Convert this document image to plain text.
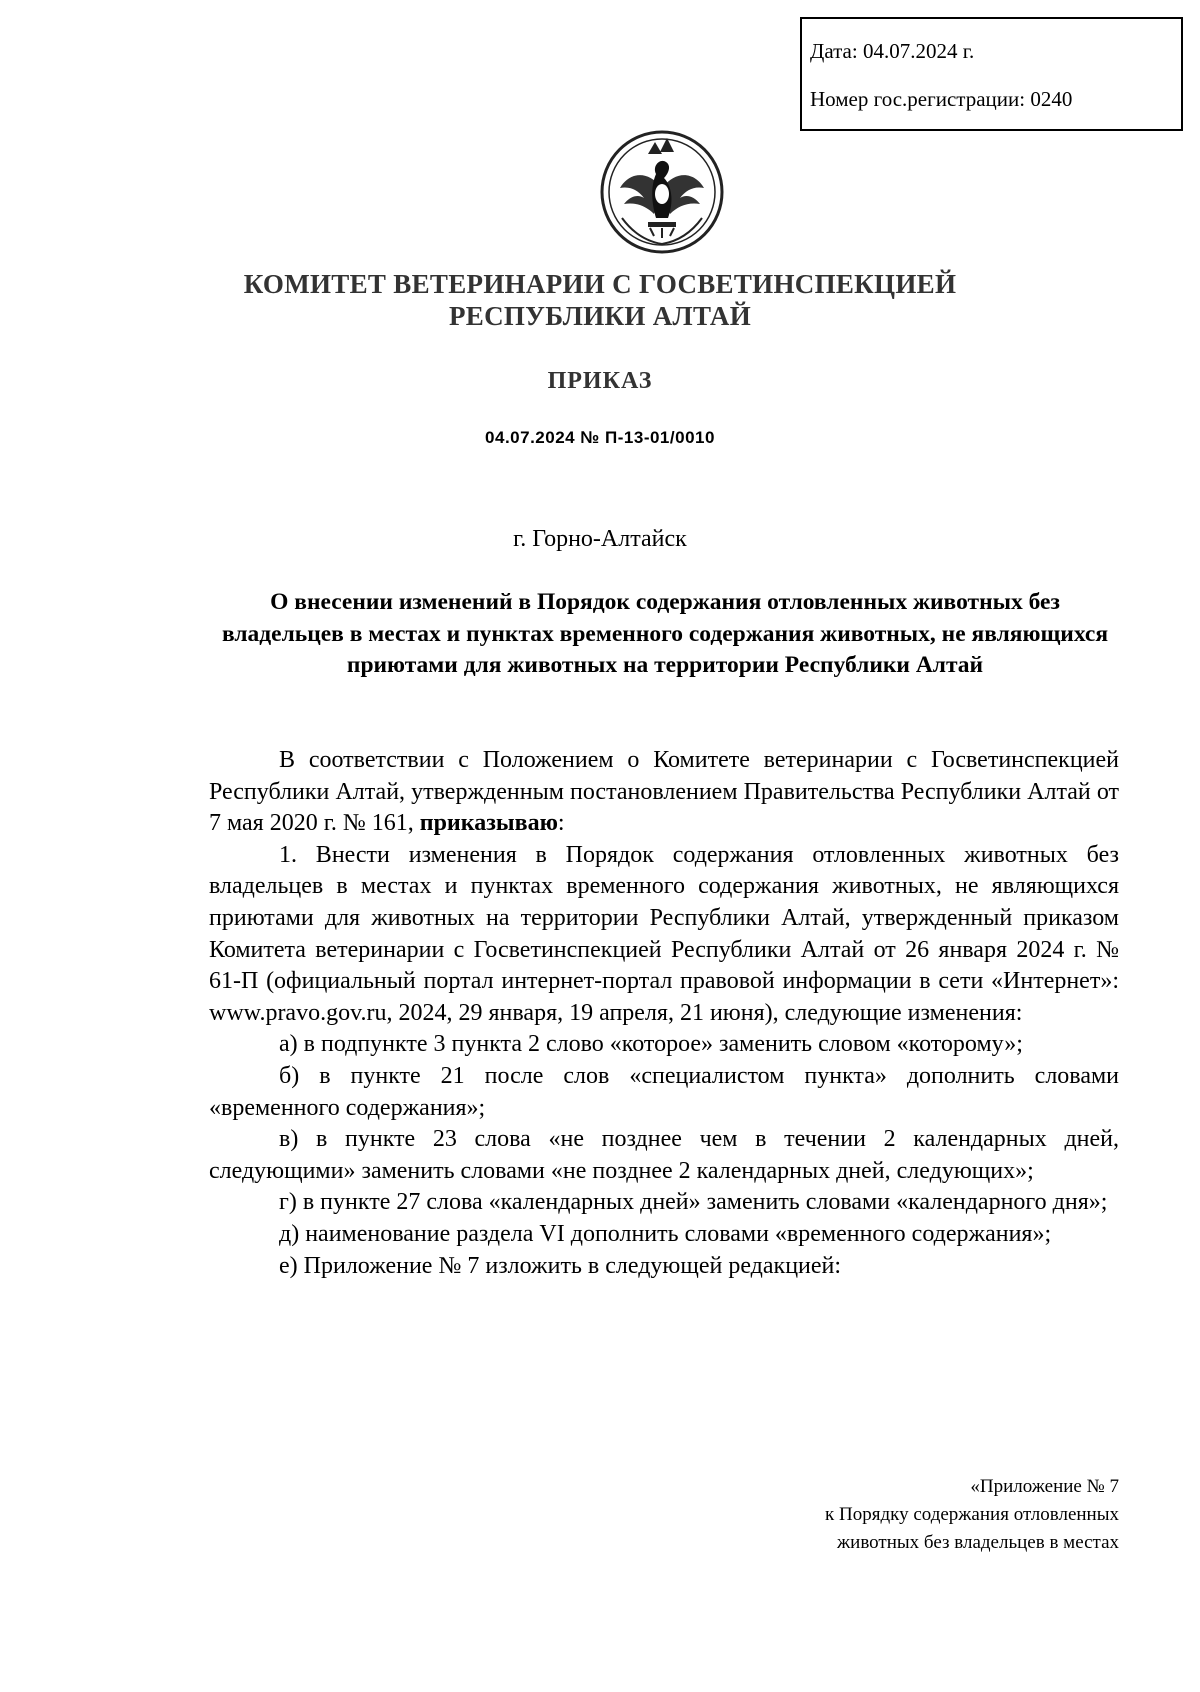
Дата: 04.07.2024 г.
Номер гос.регистрации: 0240
КОМИТЕТ ВЕТЕРИНАРИИ С ГОСВЕТИНСПЕКЦИЕЙ
РЕСПУБЛИКИ АЛТАЙ
ПРИКАЗ
04.07.2024 № П-13-01/0010
г. Горно-Алтайск
О внесении изменений в Порядок содержания отловленных животных без владельцев в местах и пунктах временного содержания животных, не являющихся приютами для животных на территории Республики Алтай

В соответствии с Положением о Комитете ветеринарии с Госветинспекцией Республики Алтай, утвержденным постановлением Правительства Республики Алтай от 7 мая 2020 г. № 161, приказываю:

1. Внести изменения в Порядок содержания отловленных животных без владельцев в местах и пунктах временного содержания животных, не являющихся приютами для животных на территории Республики Алтай, утвержденный приказом Комитета ветеринарии с Госветинспекцией Республики Алтай от 26 января 2024 г. № 61-П (официальный портал интернет-портал правовой информации в сети «Интернет»: www.pravo.gov.ru, 2024, 29 января, 19 апреля, 21 июня), следующие изменения:

а) в подпункте 3 пункта 2 слово «которое» заменить словом «которому»;

б) в пункте 21 после слов «специалистом пункта» дополнить словами «временного содержания»;

в) в пункте 23 слова «не позднее чем в течении 2 календарных дней, следующими» заменить словами «не позднее 2 календарных дней, следующих»;

г) в пункте 27 слова «календарных дней» заменить словами «календарного дня»;

д) наименование раздела VI дополнить словами «временного содержания»;

е) Приложение № 7 изложить в следующей редакцией:

«Приложение № 7
к Порядку содержания отловленных
животных без владельцев в местах
